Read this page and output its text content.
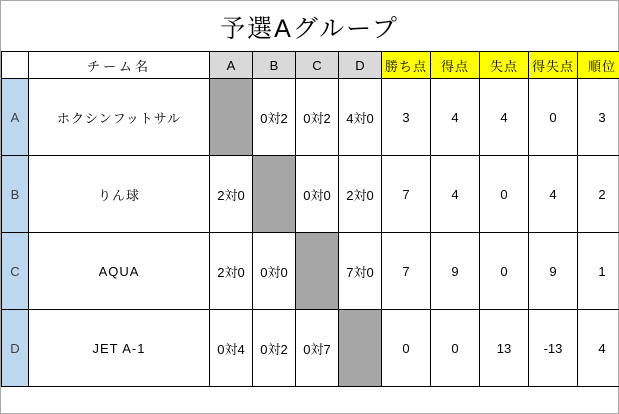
予選Aグループ
	チーム名	A	B	C	D	勝ち点	得点	失点	得失点	順位
A	ホクシンフットサル		0対2	0対2	4対0	3	4	4	0	3
B	りん球	2対0		0対0	2対0	7	4	0	4	2
C	AQUA	2対0	0対0		7対0	7	9	0	9	1
D	JET A-1	0対4	0対2	0対7		0	0	13	-13	4
